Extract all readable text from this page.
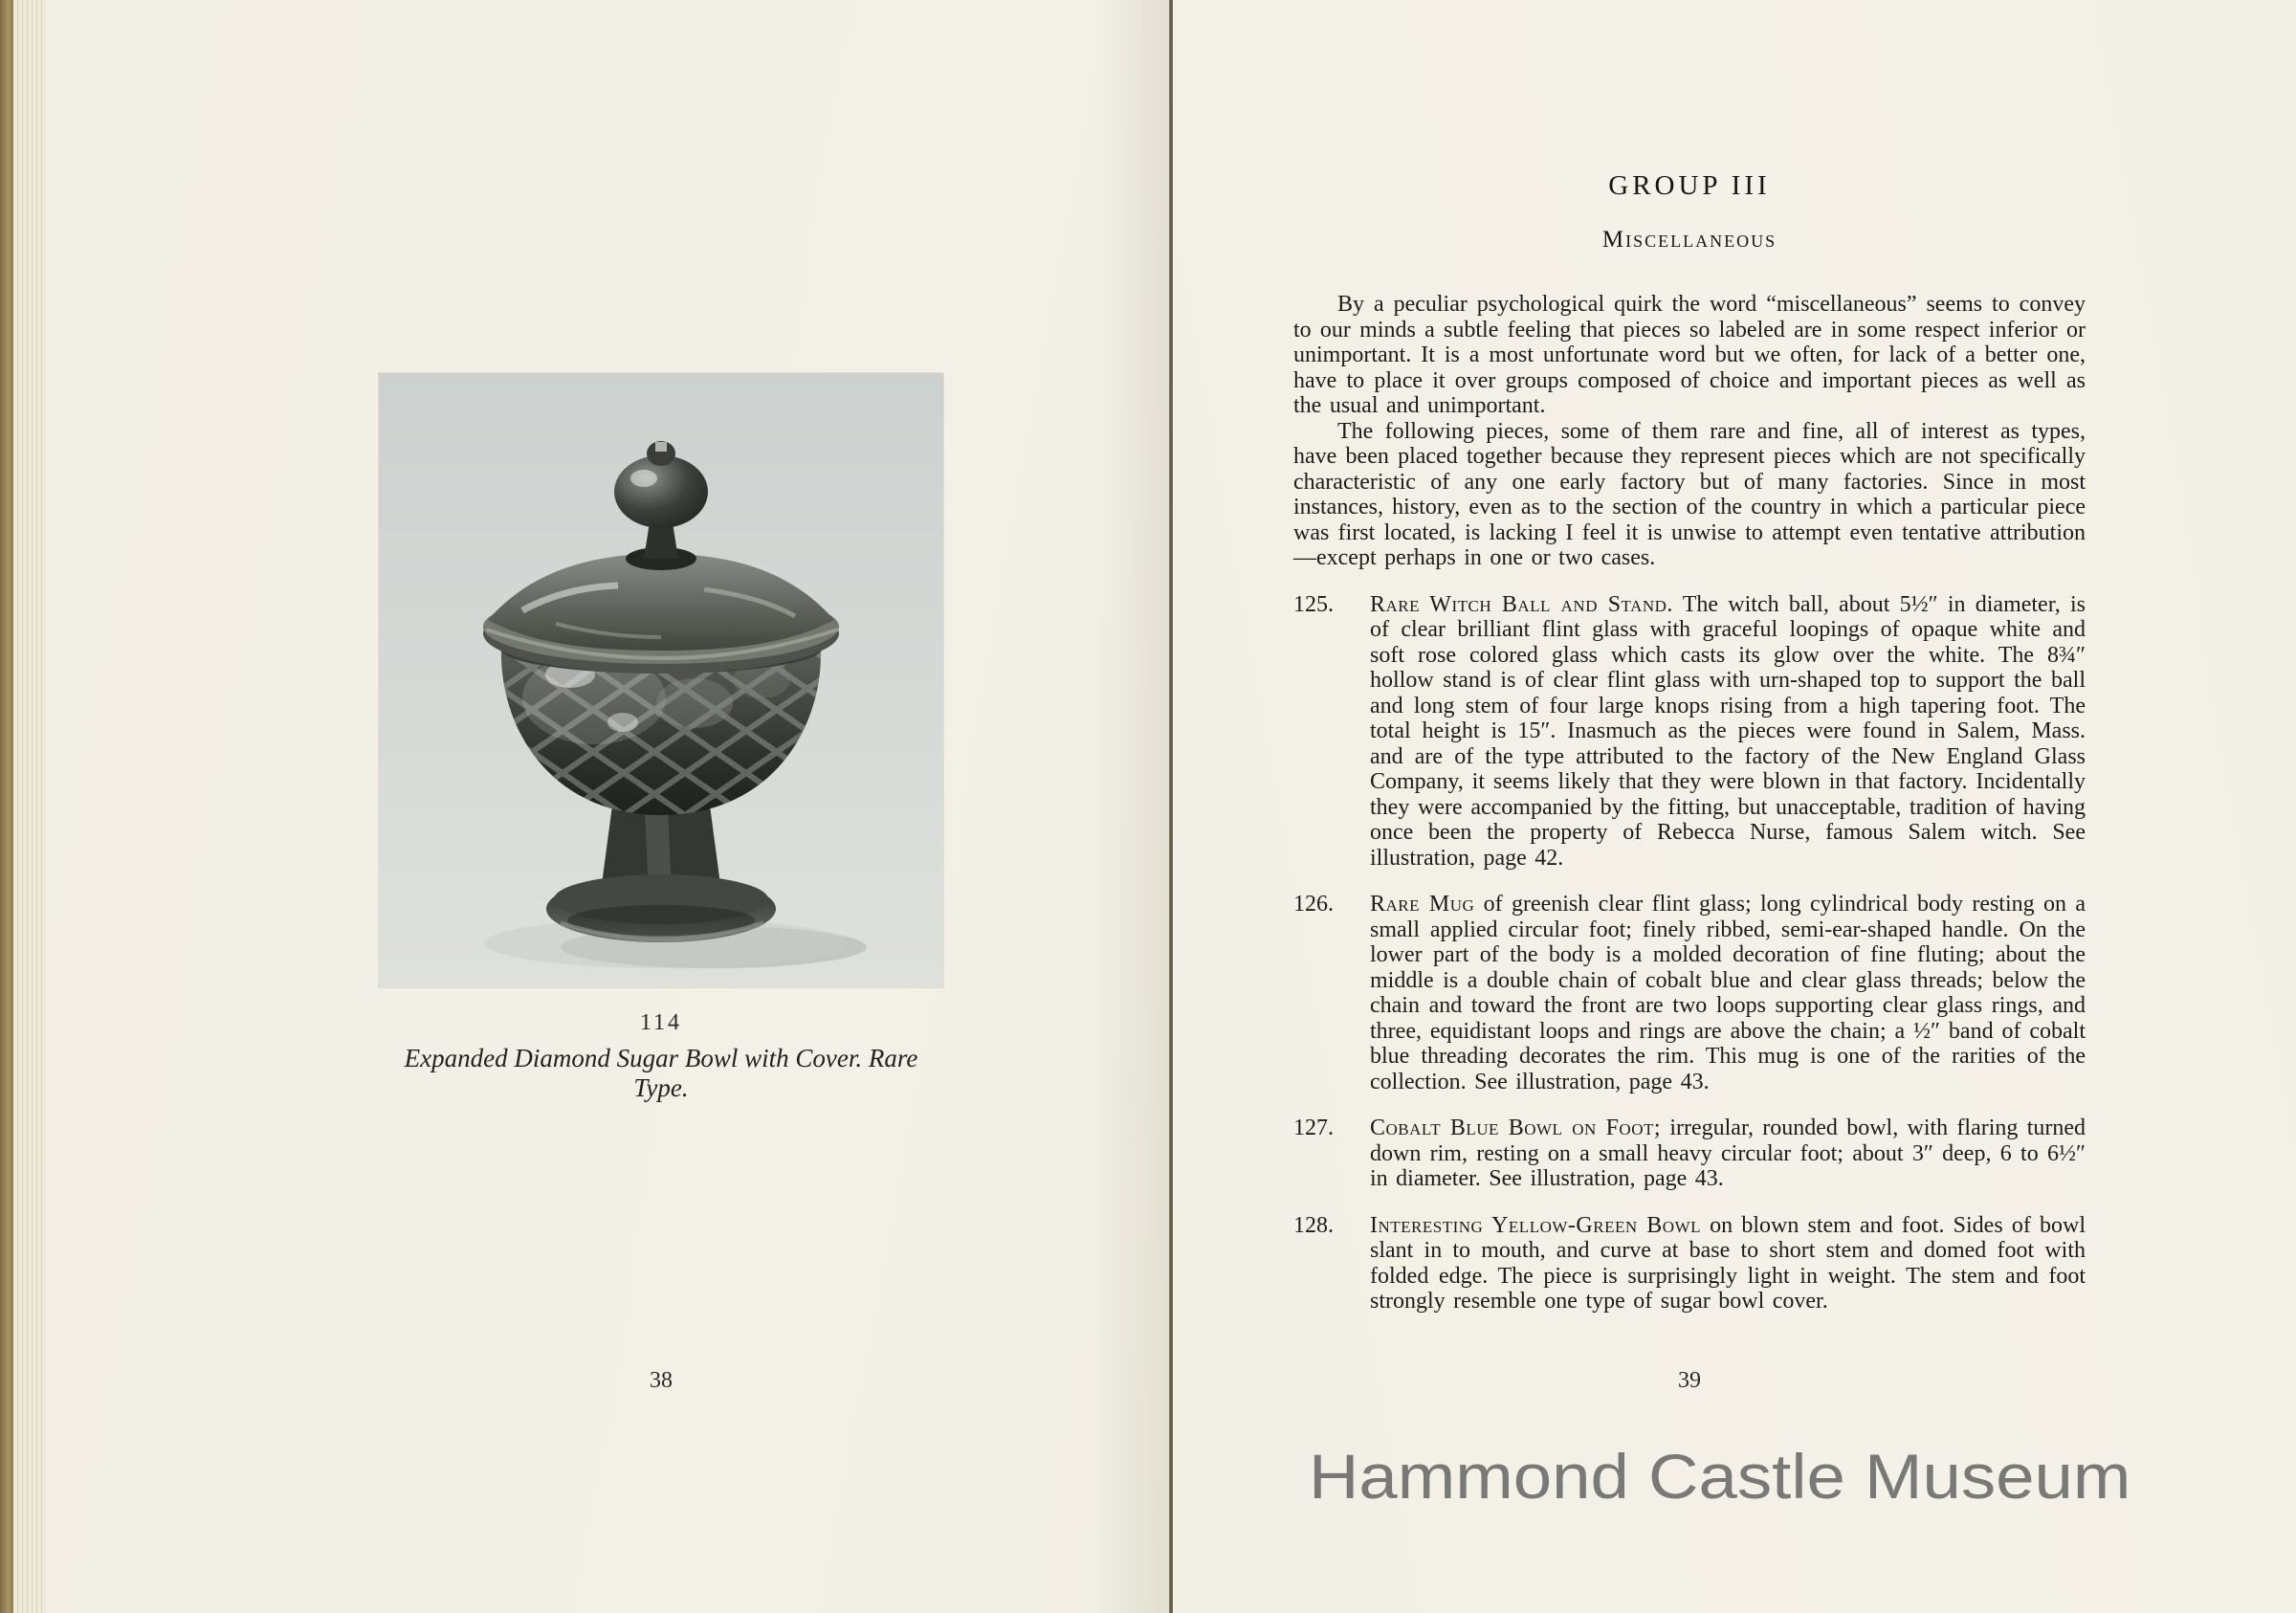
114
Expanded Diamond Sugar Bowl with Cover. Rare Type.
38
GROUP III
Miscellaneous

By a peculiar psychological quirk the word “miscellaneous” seems to convey to our minds a subtle feeling that pieces so labeled are in some respect inferior or unimportant. It is a most unfortunate word but we often, for lack of a better one, have to place it over groups composed of choice and important pieces as well as the usual and unimportant.

The following pieces, some of them rare and fine, all of interest as types, have been placed together because they represent pieces which are not specifically characteristic of any one early factory but of many factories. Since in most instances, history, even as to the section of the country in which a particular piece was first located, is lacking I feel it is unwise to attempt even tentative attribution—except perhaps in one or two cases.

125.	Rare Witch Ball and Stand. The witch ball, about 5½″ in diameter, is of clear brilliant flint glass with graceful loopings of opaque white and soft rose colored glass which casts its glow over the white. The 8¾″ hollow stand is of clear flint glass with urn-shaped top to support the ball and long stem of four large knops rising from a high tapering foot. The total height is 15″. Inasmuch as the pieces were found in Salem, Mass. and are of the type attributed to the factory of the New England Glass Company, it seems likely that they were blown in that factory. Incidentally they were accompanied by the fitting, but unacceptable, tradition of having once been the property of Rebecca Nurse, famous Salem witch. See illustration, page 42.

126.	Rare Mug of greenish clear flint glass; long cylindrical body resting on a small applied circular foot; finely ribbed, semi-ear-shaped handle. On the lower part of the body is a molded decoration of fine fluting; about the middle is a double chain of cobalt blue and clear glass threads; below the chain and toward the front are two loops supporting clear glass rings, and three, equidistant loops and rings are above the chain; a ½″ band of cobalt blue threading decorates the rim. This mug is one of the rarities of the collection. See illustration, page 43.

127.	Cobalt Blue Bowl on Foot; irregular, rounded bowl, with flaring turned down rim, resting on a small heavy circular foot; about 3″ deep, 6 to 6½″ in diameter. See illustration, page 43.

128.	Interesting Yellow-Green Bowl on blown stem and foot. Sides of bowl slant in to mouth, and curve at base to short stem and domed foot with folded edge. The piece is surprisingly light in weight. The stem and foot strongly resemble one type of sugar bowl cover.

39
Hammond Castle Museum
